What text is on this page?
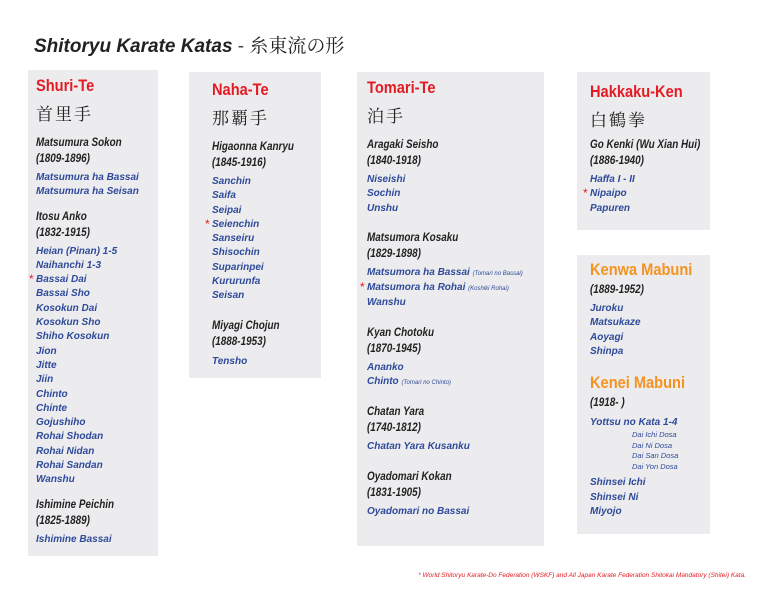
Shitoryu Karate Katas - 糸東流の形
Shuri-Te
首里手
Matsumura Sokon
(1809-1896)
Matsumura ha Bassai
Matsumura ha Seisan
Itosu Anko
(1832-1915)
Heian (Pinan) 1-5
Naihanchi 1-3
* Bassai Dai
Bassai Sho
Kosokun Dai
Kosokun Sho
Shiho Kosokun
Jion
Jitte
Jiin
Chinto
Chinte
Gojushiho
Rohai Shodan
Rohai Nidan
Rohai Sandan
Wanshu
Ishimine Peichin
(1825-1889)
Ishimine Bassai
Naha-Te
那覇手
Higaonna Kanryu
(1845-1916)
Sanchin
Saifa
Seipai
* Seienchin
Sanseiru
Shisochin
Suparinpei
Kururunfa
Seisan
Miyagi Chojun
(1888-1953)
Tensho
Tomari-Te
泊手
Aragaki Seisho
(1840-1918)
Niseishi
Sochin
Unshu
Matsumora Kosaku
(1829-1898)
Matsumora ha Bassai (Tomari no Bassai)
* Matsumora ha Rohai (Koshiki Rohai)
Wanshu
Kyan Chotoku
(1870-1945)
Ananko
Chinto (Tomari no Chinto)
Chatan Yara
(1740-1812)
Chatan Yara Kusanku
Oyadomari Kokan
(1831-1905)
Oyadomari no Bassai
Hakkaku-Ken
白鶴拳
Go Kenki (Wu Xian Hui)
(1886-1940)
Haffa I - II
* Nipaipo
Papuren
Kenwa Mabuni
(1889-1952)
Juroku
Matsukaze
Aoyagi
Shinpa
Kenei Mabuni
(1918- )
Yottsu no Kata 1-4
Dai Ichi Dosa
Dai Ni Dosa
Dai San Dosa
Dai Yon Dosa
Shinsei Ichi
Shinsei Ni
Miyojo
* World Shitoryu Karate-Do Federation (WSKF) and All Japan Karate Federation Shitokai Mandatory (Shitei) Kata.
